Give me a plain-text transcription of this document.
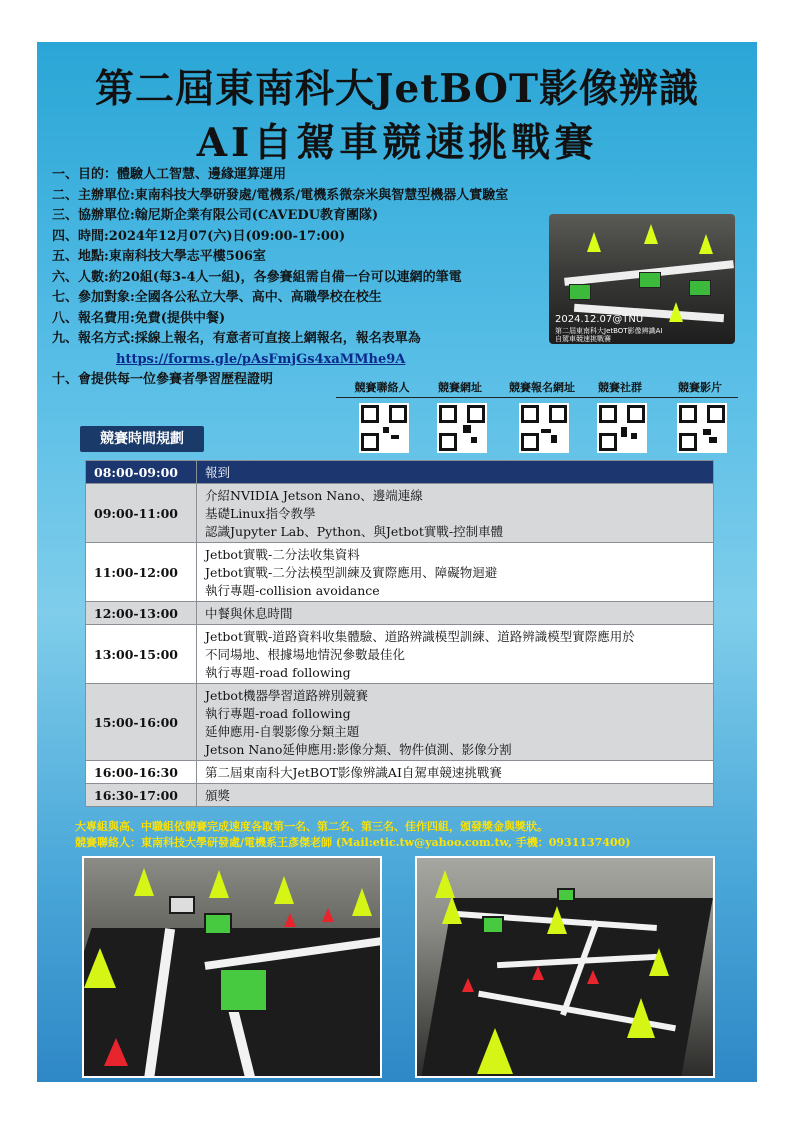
第二屆東南科大JetBOT影像辨識
AI自駕車競速挑戰賽
一、目的：體驗人工智慧、邊緣運算運用
二、主辦單位:東南科技大學研發處/電機系/電機系微奈米與智慧型機器人實驗室
三、協辦單位:翰尼斯企業有限公司(CAVEDU教育團隊)
四、時間:2024年12月07(六)日(09:00-17:00)
五、地點:東南科技大學志平樓506室
六、人數:約20組(每3-4人一組)，各參賽組需自備一台可以連網的筆電
七、參加對象:全國各公私立大學、高中、高職學校在校生
八、報名費用:免費(提供中餐)
九、報名方式:採線上報名，有意者可直接上網報名，報名表單為
https://forms.gle/pAsFmjGs4xaMMhe9A
十、會提供每一位參賽者學習歷程證明
2024.12.07@TNU
第二屆東南科大JetBOT影像辨識AI自駕車競速挑戰賽
競賽聯絡人	競賽網址	競賽報名網址	競賽社群	競賽影片
競賽時間規劃
08:00-09:00	報到

09:00-11:00	介紹NVIDIA Jetson Nano、邊端連線
基礎Linux指令教學
認識Jupyter Lab、Python、與Jetbot實戰-控制車體

11:00-12:00	Jetbot實戰-二分法收集資料
Jetbot實戰-二分法模型訓練及實際應用、障礙物迴避
執行專題-collision avoidance

12:00-13:00	中餐與休息時間

13:00-15:00	Jetbot實戰-道路資料收集體驗、道路辨識模型訓練、道路辨識模型實際應用於
不同場地、根據場地情況參數最佳化
執行專題-road following

15:00-16:00	Jetbot機器學習道路辨別競賽
執行專題-road following
延伸應用-自製影像分類主題
Jetson Nano延伸應用:影像分類、物件偵測、影像分割

16:00-16:30	第二屆東南科大JetBOT影像辨識AI自駕車競速挑戰賽

16:30-17:00	頒獎
大專組與高、中職組依競賽完成速度各取第一名、第二名、第三名、佳作四組，頒發獎金與獎狀。
競賽聯絡人：東南科技大學研發處/電機系王彥傑老師 (Mail:etic.tw@yahoo.com.tw, 手機：0931137400)
